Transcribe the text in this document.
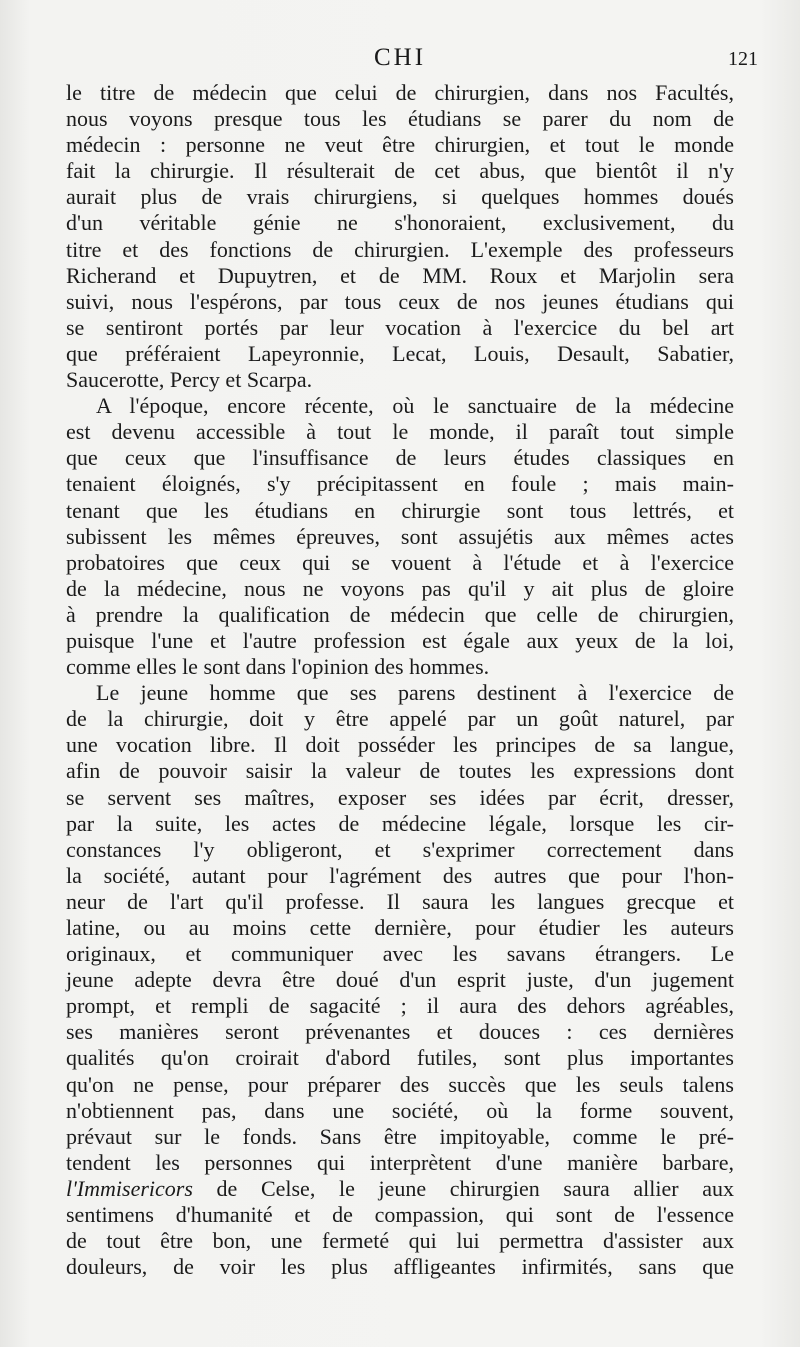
CHI	121
le titre de médecin que celui de chirurgien, dans nos Facultés,
nous voyons presque tous les étudians se parer du nom de
médecin : personne ne veut être chirurgien, et tout le monde
fait la chirurgie. Il résulterait de cet abus, que bientôt il n'y
aurait plus de vrais chirurgiens, si quelques hommes doués
d'un véritable génie ne s'honoraient, exclusivement, du
titre et des fonctions de chirurgien. L'exemple des professeurs
Richerand et Dupuytren, et de MM. Roux et Marjolin sera
suivi, nous l'espérons, par tous ceux de nos jeunes étudians qui
se sentiront portés par leur vocation à l'exercice du bel art
que préféraient Lapeyronnie, Lecat, Louis, Desault, Sabatier,
Saucerotte, Percy et Scarpa.
A l'époque, encore récente, où le sanctuaire de la médecine
est devenu accessible à tout le monde, il paraît tout simple
que ceux que l'insuffisance de leurs études classiques en
tenaient éloignés, s'y précipitassent en foule ; mais main-
tenant que les étudians en chirurgie sont tous lettrés, et
subissent les mêmes épreuves, sont assujétis aux mêmes actes
probatoires que ceux qui se vouent à l'étude et à l'exercice
de la médecine, nous ne voyons pas qu'il y ait plus de gloire
à prendre la qualification de médecin que celle de chirurgien,
puisque l'une et l'autre profession est égale aux yeux de la loi,
comme elles le sont dans l'opinion des hommes.
Le jeune homme que ses parens destinent à l'exercice de
de la chirurgie, doit y être appelé par un goût naturel, par
une vocation libre. Il doit posséder les principes de sa langue,
afin de pouvoir saisir la valeur de toutes les expressions dont
se servent ses maîtres, exposer ses idées par écrit, dresser,
par la suite, les actes de médecine légale, lorsque les cir-
constances l'y obligeront, et s'exprimer correctement dans
la société, autant pour l'agrément des autres que pour l'hon-
neur de l'art qu'il professe. Il saura les langues grecque et
latine, ou au moins cette dernière, pour étudier les auteurs
originaux, et communiquer avec les savans étrangers. Le
jeune adepte devra être doué d'un esprit juste, d'un jugement
prompt, et rempli de sagacité ; il aura des dehors agréables,
ses manières seront prévenantes et douces : ces dernières
qualités qu'on croirait d'abord futiles, sont plus importantes
qu'on ne pense, pour préparer des succès que les seuls talens
n'obtiennent pas, dans une société, où la forme souvent,
prévaut sur le fonds. Sans être impitoyable, comme le pré-
tendent les personnes qui interprètent d'une manière barbare,
l'Immisericors de Celse, le jeune chirurgien saura allier aux
sentimens d'humanité et de compassion, qui sont de l'essence
de tout être bon, une fermeté qui lui permettra d'assister aux
douleurs, de voir les plus affligeantes infirmités, sans que
